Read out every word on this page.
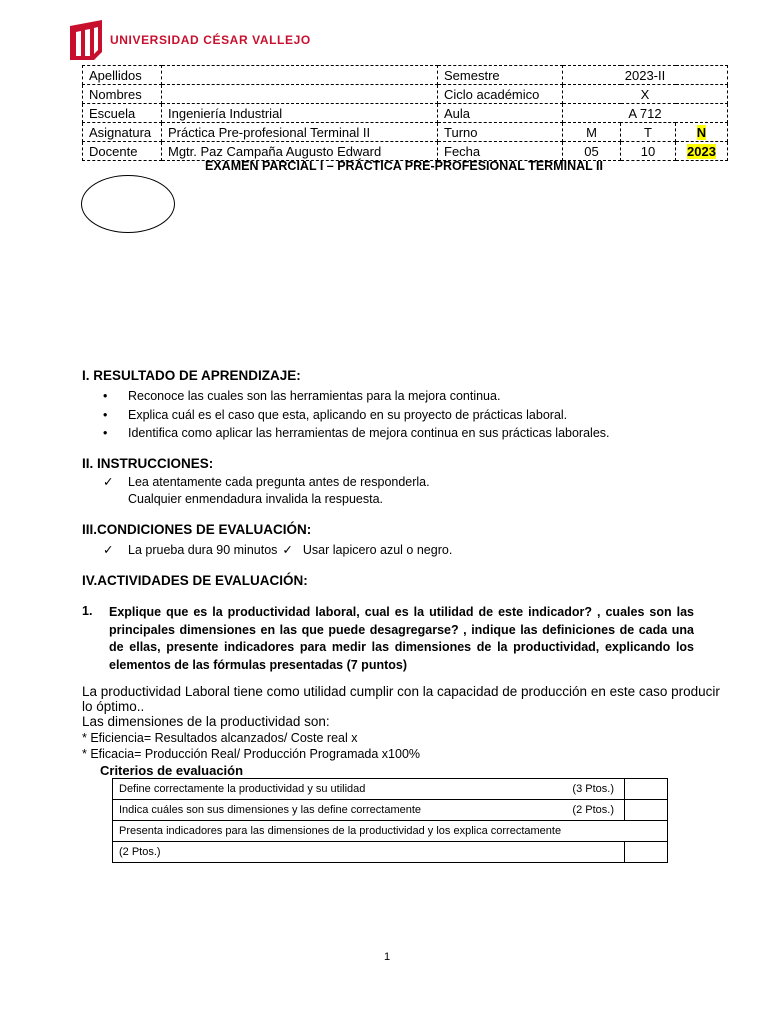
UNIVERSIDAD CÉSAR VALLEJO
Apellidos		Semestre	2023-II		
Nombres		Ciclo académico	X		
Escuela	Ingeniería Industrial	Aula	A 712		
Asignatura	Práctica Pre-profesional Terminal II	Turno	M	T	N
Docente	Mgtr. Paz Campaña Augusto Edward	Fecha	05	10	2023
EXAMEN PARCIAL I – PRÁCTICA PRE-PROFESIONAL TERMINAL II
I. RESULTADO DE APRENDIZAJE:
•	Reconoce las cuales son las herramientas para la mejora continua.
•	Explica cuál es el caso que esta, aplicando en su proyecto de prácticas laboral.
•	Identifica como aplicar las herramientas de mejora continua en sus prácticas laborales.
II. INSTRUCCIONES:
✓	Lea atentamente cada pregunta antes de responderla.
Cualquier enmendadura invalida la respuesta.
III.CONDICIONES DE EVALUACIÓN:
✓	La prueba dura 90 minutos ✓ Usar lapicero azul o negro.
IV.ACTIVIDADES DE EVALUACIÓN:
1. Explique que es la productividad laboral, cual es la utilidad de este indicador? , cuales son las principales dimensiones en las que puede desagregarse? , indique las definiciones de cada una de ellas, presente indicadores para medir las dimensiones de la productividad, explicando los elementos de las fórmulas presentadas (7 puntos)
La productividad Laboral tiene como utilidad cumplir con la capacidad de producción en este caso producir
lo óptimo..
Las dimensiones de la productividad son:
* Eficiencia= Resultados alcanzados/ Coste real x
* Eficacia= Producción Real/ Producción Programada x100%
Criterios de evaluación
Define correctamente la productividad y su utilidad (3 Ptos.)	

Indica cuáles son sus dimensiones y las define correctamente (2 Ptos.)	

Presenta indicadores para las dimensiones de la productividad y los explica correctamente	
(2 Ptos.)	
1
